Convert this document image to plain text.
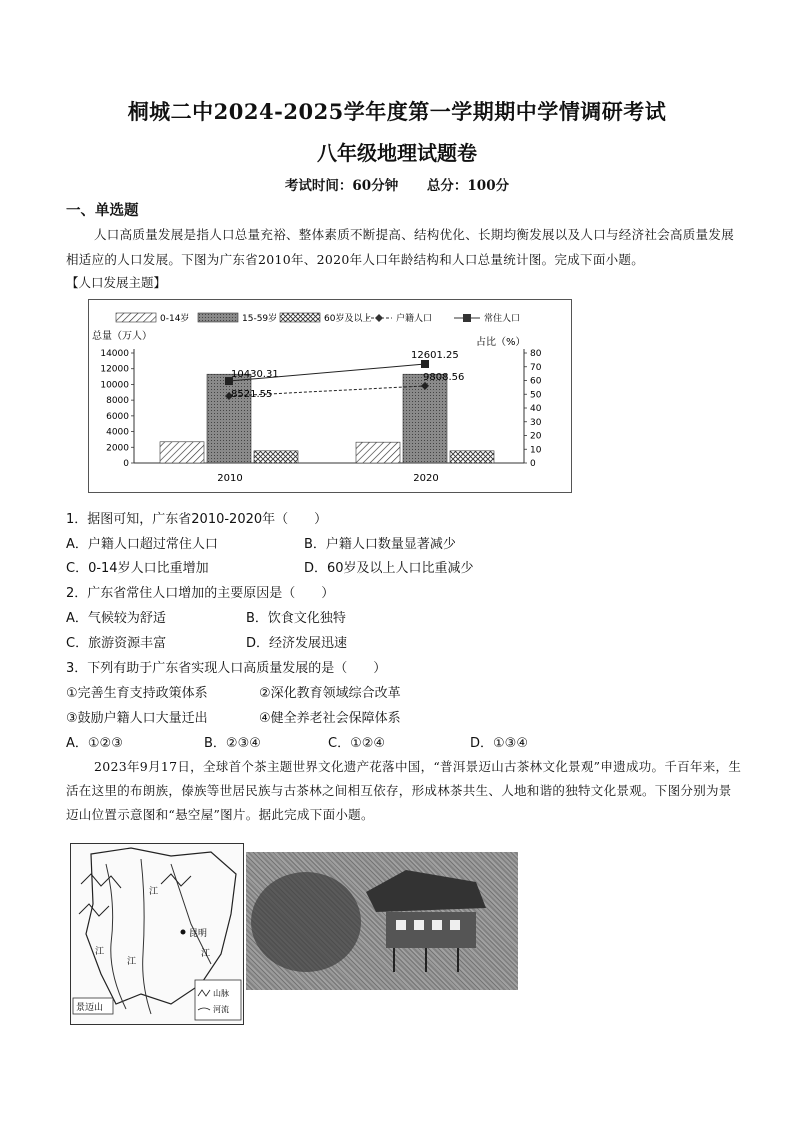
桐城二中2024-2025学年度第一学期期中学情调研考试
八年级地理试题卷
考试时间：60分钟 总分：100分
一、单选题
人口高质量发展是指人口总量充裕、整体素质不断提高、结构优化、长期均衡发展以及人口与经济社会高质量发展相适应的人口发展。下图为广东省2010年、2020年人口年龄结构和人口总量统计图。完成下面小题。
【人口发展主题】
0-14岁	15-59岁	60岁及以上	户籍人口	常住人口
总量（万人）
占比（%）
0
2000
4000
6000
8000
10000
12000
14000
0
10
20
30
40
50
60
70
80
2010	2020
10430.31
8521.55
12601.25
9808.56
1．据图可知，广东省2010-2020年（　　）
A．户籍人口超过常住人口	B．户籍人口数量显著减少
C．0-14岁人口比重增加	D．60岁及以上人口比重减少
2．广东省常住人口增加的主要原因是（　　）
A．气候较为舒适	B．饮食文化独特
C．旅游资源丰富	D．经济发展迅速
3．下列有助于广东省实现人口高质量发展的是（　　）
①完善生育支持政策体系	②深化教育领域综合改革
③鼓励户籍人口大量迁出	④健全养老社会保障体系
A．①②③	B．②③④	C．①②④	D．①③④
2023年9月17日，全球首个茶主题世界文化遗产花落中国，“普洱景迈山古茶林文化景观”申遗成功。千百年来，生活在这里的布朗族，傣族等世居民族与古茶林之间相互依存，形成林茶共生、人地和谐的独特文化景观。下图分别为景迈山位置示意图和“悬空屋”图片。据此完成下面小题。
昆明
江
江
江
江
景迈山
山脉
河流
